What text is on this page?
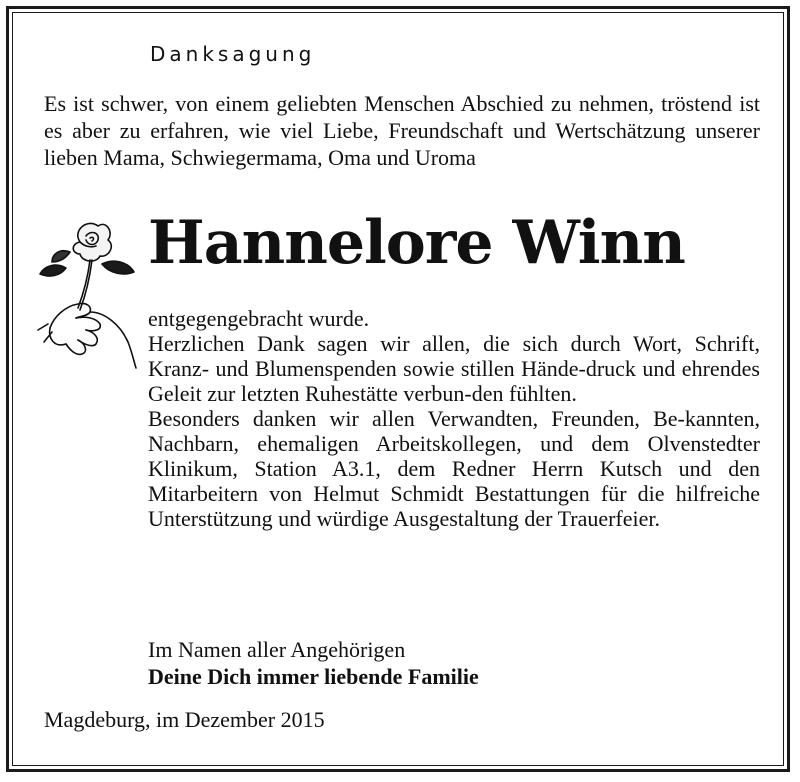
Danksagung
Es ist schwer, von einem geliebten Menschen Abschied zu nehmen, tröstend ist es aber zu erfahren, wie viel Liebe, Freundschaft und Wertschätzung unserer lieben Mama, Schwiegermama, Oma und Uroma
Hannelore Winn

entgegengebracht wurde.

Herzlichen Dank sagen wir allen, die sich durch Wort, Schrift, Kranz- und Blumenspenden sowie stillen Hände-druck und ehrendes Geleit zur letzten Ruhestätte verbun-den fühlten.

Besonders danken wir allen Verwandten, Freunden, Be-kannten, Nachbarn, ehemaligen Arbeitskollegen, und dem Olvenstedter Klinikum, Station A3.1, dem Redner Herrn Kutsch und den Mitarbeitern von Helmut Schmidt Bestattungen für die hilfreiche Unterstützung und würdige Ausgestaltung der Trauerfeier.

Im Namen aller Angehörigen
Deine Dich immer liebende Familie
Magdeburg, im Dezember 2015
